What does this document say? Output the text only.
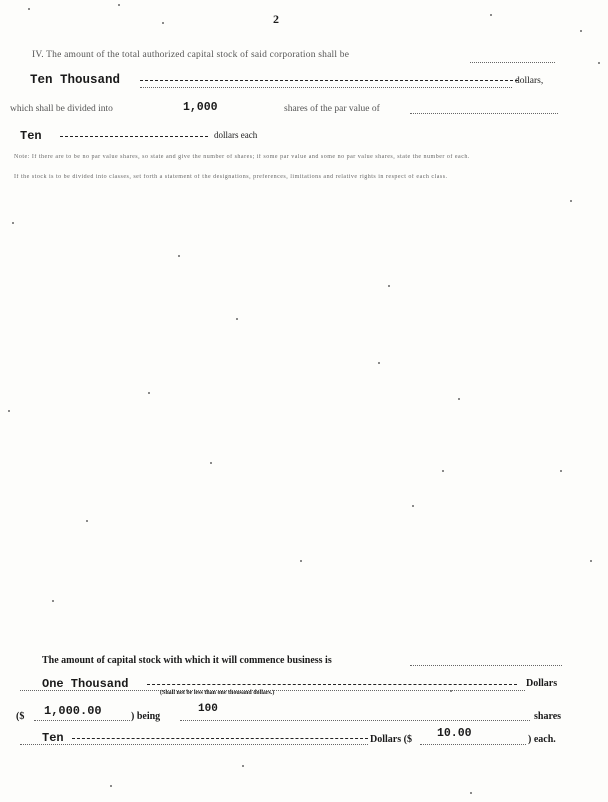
2
IV. The amount of the total authorized capital stock of said corporation shall be
Ten Thousand	dollars,
which shall be divided into	1,000	shares of the par value of
Ten	dollars each
Note: If there are to be no par value shares, so state and give the number of shares; if some par value and some no par value shares, state the number of each.
If the stock is to be divided into classes, set forth a statement of the designations, preferences, limitations and relative rights in respect of each class.
The amount of capital stock with which it will commence business is
One Thousand	Dollars
(Shall not be less than one thousand dollars.)
($ 1,000.00	) being
100
shares
Ten	Dollars ($ 10.00	) each.
